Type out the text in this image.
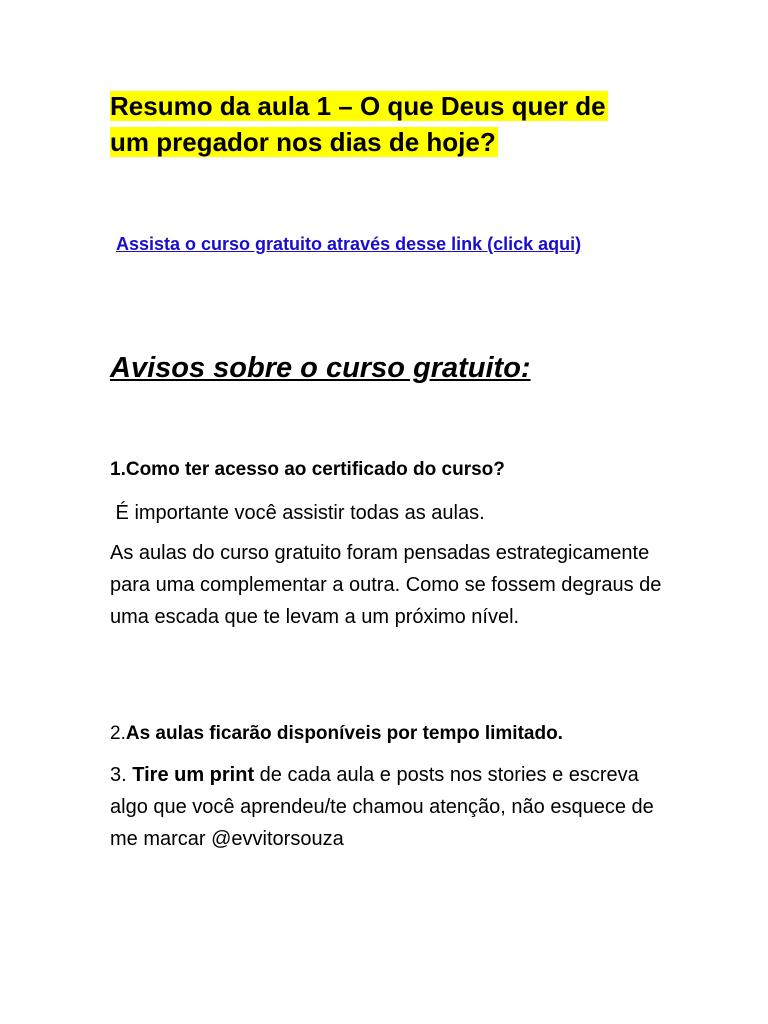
Resumo da aula 1 – O que Deus quer de um pregador nos dias de hoje?
Assista o curso gratuito através desse link (click aqui)
Avisos sobre o curso gratuito:
1.Como ter acesso ao certificado do curso?

É importante você assistir todas as aulas.

As aulas do curso gratuito foram pensadas estrategicamente para uma complementar a outra. Como se fossem degraus de uma escada que te levam a um próximo nível.

2.As aulas ficarão disponíveis por tempo limitado.

3. Tire um print de cada aula e posts nos stories e escreva algo que você aprendeu/te chamou atenção, não esquece de me marcar @evvitorsouza
